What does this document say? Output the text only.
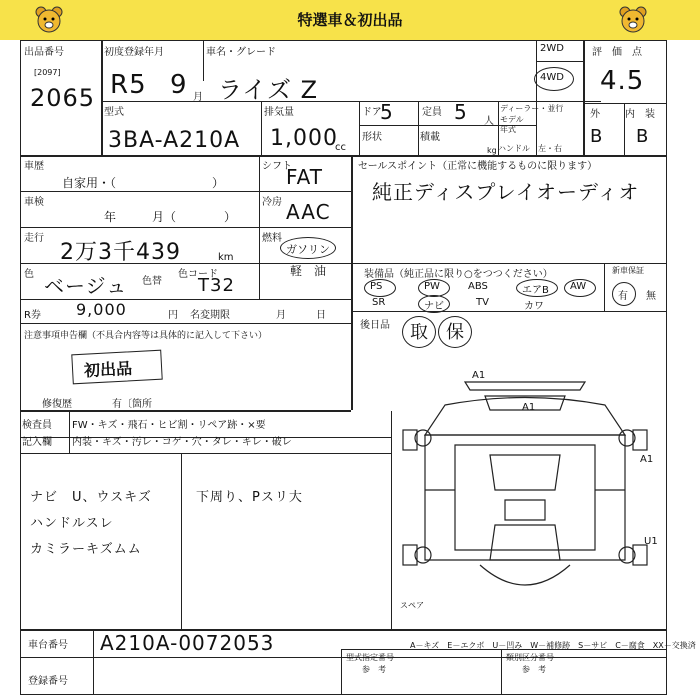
特選車＆初出品
出品番号
[2097]
2065
初度登録年月
R5 9 月
車名・グレード
ライズ Z
2WD
4WD
評　価　点
4.5
型式
3BA-A210A
排気量
1,000
cc
ドア
5	定員 5 人
ディーラー・並行
モデル
年式
ハンドル　左・右
外	内　装
B B
形状	積載
kg
車歴
自家用・（　　　　　　　　）
シフト
FAT
車検
年　　　月（　　　　）
冷房 AAC
走行
2万3千439	km
燃料
ガソリン
軽　油
色 ベージュ 色替
色コード
T32
R券 9,000	円 名変期限	月　　　日
注意事項申告欄（不具合内容等は具体的に記入して下さい）
初出品
修復歴	有〔箇所
セールスポイント（正常に機能するものに限ります）
純正ディスプレイオーディオ
装備品（純正品に限り○をつつください）
PS	PW	ABS	エアB AW
SR	ナビ	TV	カワ
新車保証
有 無
後日品 取 保
A1
A1
A1
U1
スペア
A－キズ　E－エクボ　U－凹み　W－補修跡　S－サビ　C－腐食　XX－交換済
検査員
記入欄
FW・キズ・飛石・ヒビ割・リペア跡・×要
内装・キズ・汚レ・コゲ・穴・タレ・キレ・破レ
ナビ　U、ウスキズ
ハンドルスレ
カミラーキズムム
下周り、Pスリ大
車台番号 A210A-0072053
登録番号
型式指定番号
参　考
類別区分番号
参　考
